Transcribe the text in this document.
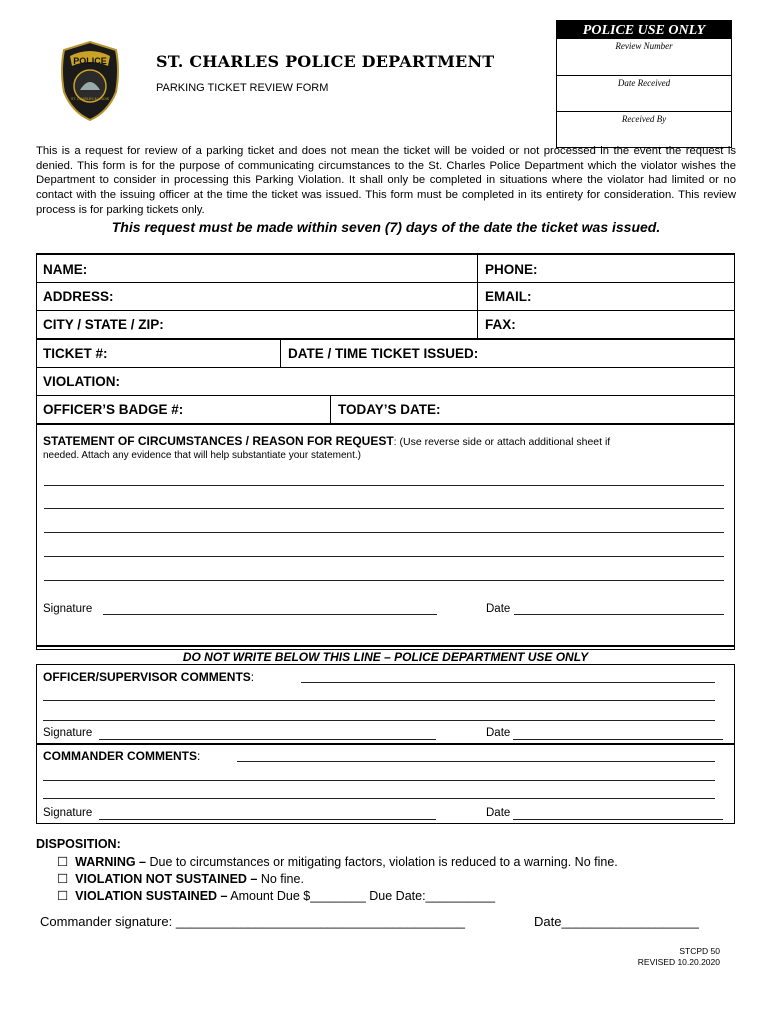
POLICE
ST. CHARLES ILLINOIS
ST. CHARLES POLICE DEPARTMENT
PARKING TICKET REVIEW FORM
POLICE USE ONLY
Review Number
Date Received
Received By
This is a request for review of a parking ticket and does not mean the ticket will be voided or not processed in the event the request is denied. This form is for the purpose of communicating circumstances to the St. Charles Police Department which the violator wishes the Department to consider in processing this Parking Violation. It shall only be completed in situations where the violator had limited or no contact with the issuing officer at the time the ticket was issued. This form must be completed in its entirety for consideration. This review process is for parking tickets only.
This request must be made within seven (7) days of the date the ticket was issued.
NAME:	PHONE:
ADDRESS:	EMAIL:
CITY / STATE / ZIP:	FAX:
TICKET #:	DATE / TIME TICKET ISSUED:
VIOLATION:
OFFICER’S BADGE #:	TODAY’S DATE:
STATEMENT OF CIRCUMSTANCES / REASON FOR REQUEST: (Use reverse side or attach additional sheet if
needed. Attach any evidence that will help substantiate your statement.)
Signature	Date
DO NOT WRITE BELOW THIS LINE – POLICE DEPARTMENT USE ONLY
OFFICER/SUPERVISOR COMMENTS:
Signature	Date
COMMANDER COMMENTS:
Signature	Date
DISPOSITION:
☐ WARNING – Due to circumstances or mitigating factors, violation is reduced to a warning. No fine.
☐ VIOLATION NOT SUSTAINED – No fine.
☐ VIOLATION SUSTAINED – Amount Due $________ Due Date:__________
Commander signature: ________________________________________	Date___________________
STCPD 50
REVISED 10.20.2020
